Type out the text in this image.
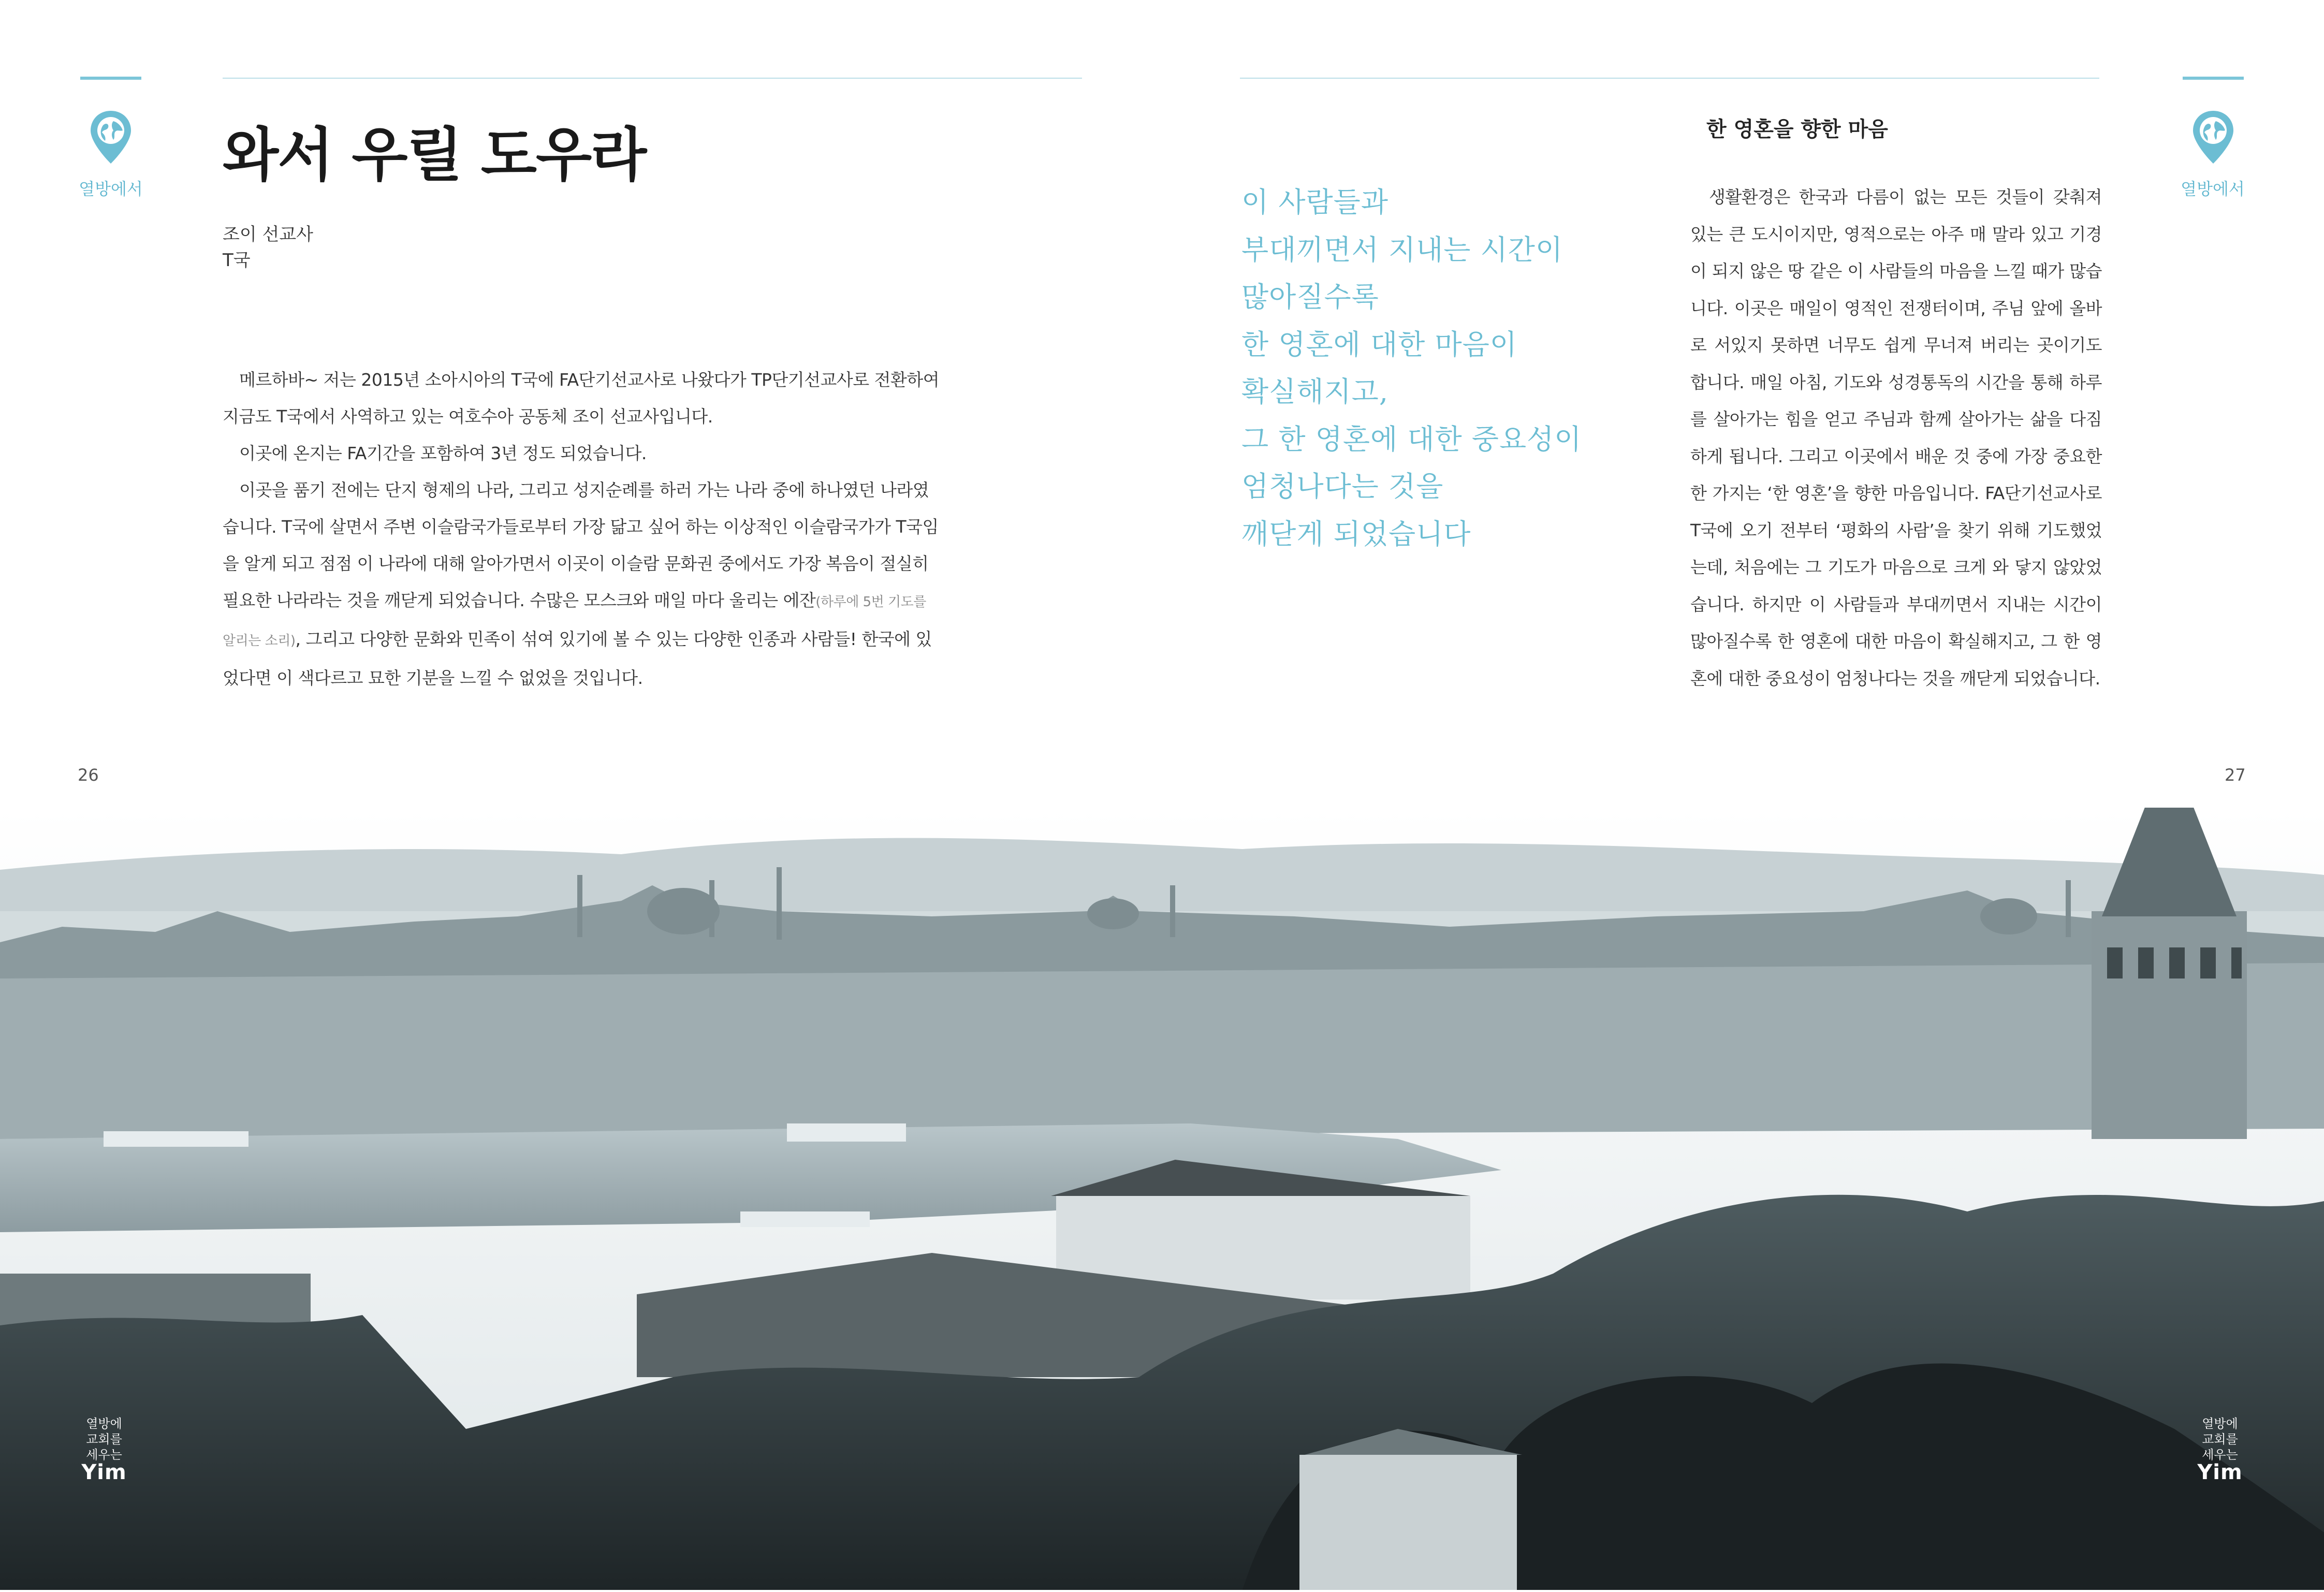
열방에서	열방에서
와서 우릴 도우라
조이 선교사
T국

메르하바~ 저는 2015년 소아시아의 T국에 FA단기선교사로 나왔다가 TP단기선교사로 전환하여 지금도 T국에서 사역하고 있는 여호수아 공동체 조이 선교사입니다.

이곳에 온지는 FA기간을 포함하여 3년 정도 되었습니다.

이곳을 품기 전에는 단지 형제의 나라, 그리고 성지순례를 하러 가는 나라 중에 하나였던 나라였습니다. T국에 살면서 주변 이슬람국가들로부터 가장 닮고 싶어 하는 이상적인 이슬람국가가 T국임을 알게 되고 점점 이 나라에 대해 알아가면서 이곳이 이슬람 문화권 중에서도 가장 복음이 절실히 필요한 나라라는 것을 깨닫게 되었습니다. 수많은 모스크와 매일 마다 울리는 에잔(하루에 5번 기도를 알리는 소리), 그리고 다양한 문화와 민족이 섞여 있기에 볼 수 있는 다양한 인종과 사람들! 한국에 있었다면 이 색다르고 묘한 기분을 느낄 수 없었을 것입니다.

이 사람들과
부대끼면서 지내는 시간이
많아질수록
한 영혼에 대한 마음이
확실해지고,
그 한 영혼에 대한 중요성이
엄청나다는 것을
깨닫게 되었습니다
한 영혼을 향한 마음

생활환경은 한국과 다름이 없는 모든 것들이 갖춰져 있는 큰 도시이지만, 영적으로는 아주 매 말라 있고 기경이 되지 않은 땅 같은 이 사람들의 마음을 느낄 때가 많습니다. 이곳은 매일이 영적인 전쟁터이며, 주님 앞에 올바로 서있지 못하면 너무도 쉽게 무너져 버리는 곳이기도 합니다. 매일 아침, 기도와 성경통독의 시간을 통해 하루를 살아가는 힘을 얻고 주님과 함께 살아가는 삶을 다짐하게 됩니다. 그리고 이곳에서 배운 것 중에 가장 중요한 한 가지는 ‘한 영혼’을 향한 마음입니다. FA단기선교사로 T국에 오기 전부터 ‘평화의 사람’을 찾기 위해 기도했었는데, 처음에는 그 기도가 마음으로 크게 와 닿지 않았었습니다. 하지만 이 사람들과 부대끼면서 지내는 시간이 많아질수록 한 영혼에 대한 마음이 확실해지고, 그 한 영혼에 대한 중요성이 엄청나다는 것을 깨닫게 되었습니다.

26	27
열방에
교회를
세우는
Yim
열방에
교회를
세우는
Yim
